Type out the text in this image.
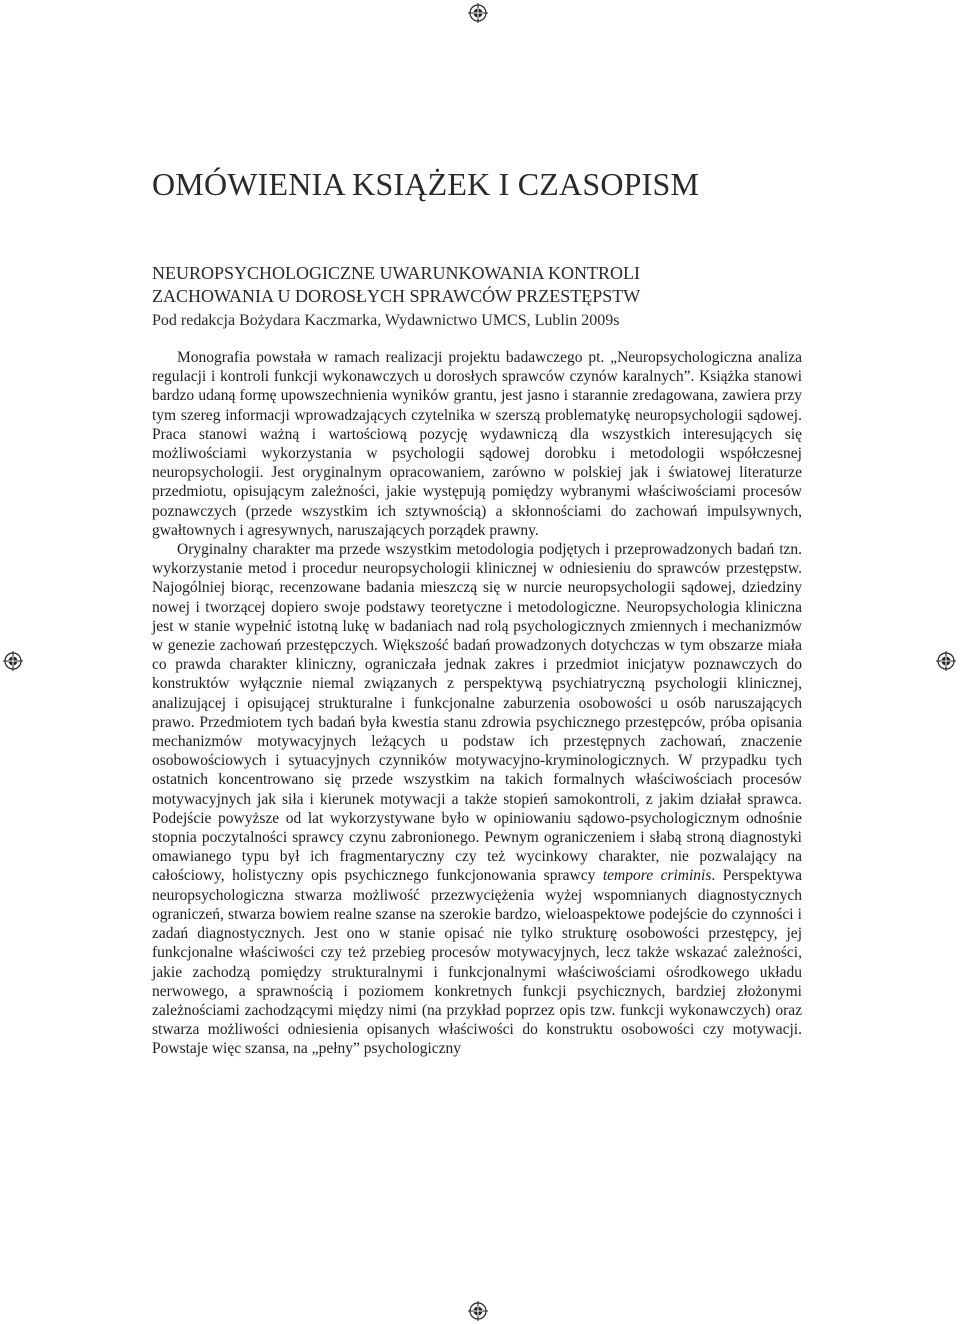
OMÓWIENIA KSIĄŻEK I CZASOPISM
NEUROPSYCHOLOGICZNE UWARUNKOWANIA KONTROLI
ZACHOWANIA U DOROSŁYCH SPRAWCÓW PRZESTĘPSTW
Pod redakcja Bożydara Kaczmarka, Wydawnictwo UMCS, Lublin 2009s

Monografia powstała w ramach realizacji projektu badawczego pt. „Neuropsychologiczna analiza regulacji i kontroli funkcji wykonawczych u dorosłych sprawców czynów karalnych”. Książka stanowi bardzo udaną formę upowszechnienia wyników grantu, jest jasno i starannie zredagowana, zawiera przy tym szereg informacji wprowadzających czytelnika w szerszą problematykę neuropsychologii sądowej. Praca stanowi ważną i wartościową pozycję wydawniczą dla wszystkich interesujących się możliwościami wykorzystania w psychologii sądowej dorobku i metodologii współczesnej neuropsychologii. Jest oryginalnym opracowaniem, zarówno w polskiej jak i światowej literaturze przedmiotu, opisującym zależności, jakie występują pomiędzy wybranymi właściwościami procesów poznawczych (przede wszystkim ich sztywnością) a skłonnościami do zachowań impulsywnych, gwałtownych i agresywnych, naruszających porządek prawny.

Oryginalny charakter ma przede wszystkim metodologia podjętych i przeprowadzonych badań tzn. wykorzystanie metod i procedur neuropsychologii klinicznej w odniesieniu do sprawców przestępstw. Najogólniej biorąc, recenzowane badania mieszczą się w nurcie neuropsychologii sądowej, dziedziny nowej i tworzącej dopiero swoje podstawy teoretyczne i metodologiczne. Neuropsychologia kliniczna jest w stanie wypełnić istotną lukę w badaniach nad rolą psychologicznych zmiennych i mechanizmów w genezie zachowań przestępczych. Większość badań prowadzonych dotychczas w tym obszarze miała co prawda charakter kliniczny, ograniczała jednak zakres i przedmiot inicjatyw poznawczych do konstruktów wyłącznie niemal związanych z perspektywą psychiatryczną psychologii klinicznej, analizującej i opisującej strukturalne i funkcjonalne zaburzenia osobowości u osób naruszających prawo. Przedmiotem tych badań była kwestia stanu zdrowia psychicznego przestępców, próba opisania mechanizmów motywacyjnych leżących u podstaw ich przestępnych zachowań, znaczenie osobowościowych i sytuacyjnych czynników motywacyjno-kryminologicznych. W przypadku tych ostatnich koncentrowano się przede wszystkim na takich formalnych właściwościach procesów motywacyjnych jak siła i kierunek motywacji a także stopień samokontroli, z jakim działał sprawca. Podejście powyższe od lat wykorzystywane było w opiniowaniu sądowo-psychologicznym odnośnie stopnia poczytalności sprawcy czynu zabronionego. Pewnym ograniczeniem i słabą stroną diagnostyki omawianego typu był ich fragmentaryczny czy też wycinkowy charakter, nie pozwalający na całościowy, holistyczny opis psychicznego funkcjonowania sprawcy tempore criminis. Perspektywa neuropsychologiczna stwarza możliwość przezwyciężenia wyżej wspomnianych diagnostycznych ograniczeń, stwarza bowiem realne szanse na szerokie bardzo, wieloaspektowe podejście do czynności i zadań diagnostycznych. Jest ono w stanie opisać nie tylko strukturę osobowości przestępcy, jej funkcjonalne właściwości czy też przebieg procesów motywacyjnych, lecz także wskazać zależności, jakie zachodzą pomiędzy strukturalnymi i funkcjonalnymi właściwościami ośrodkowego układu nerwowego, a sprawnością i poziomem konkretnych funkcji psychicznych, bardziej złożonymi zależnościami zachodzącymi między nimi (na przykład poprzez opis tzw. funkcji wykonawczych) oraz stwarza możliwości odniesienia opisanych właściwości do konstruktu osobowości czy motywacji. Powstaje więc szansa, na „pełny” psychologiczny
